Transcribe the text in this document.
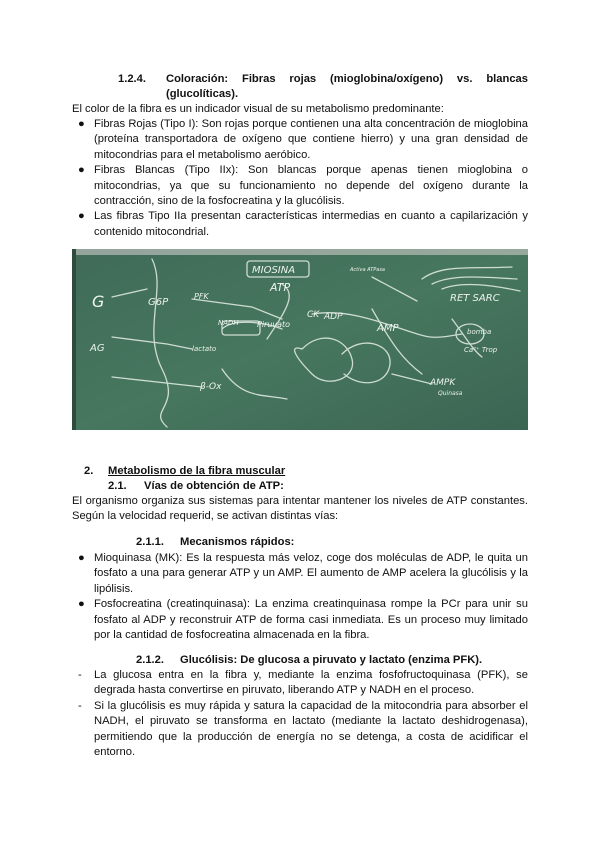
1.2.4. Coloración: Fibras rojas (mioglobina/oxígeno) vs. blancas
(glucolíticas).
El color de la fibra es un indicador visual de su metabolismo predominante:
● Fibras Rojas (Tipo I): Son rojas porque contienen una alta concentración de mioglobina (proteína transportadora de oxígeno que contiene hierro) y una gran densidad de mitocondrias para el metabolismo aeróbico.
● Fibras Blancas (Tipo IIx): Son blancas porque apenas tienen mioglobina o mitocondrias, ya que su funcionamiento no depende del oxígeno durante la contracción, sino de la fosfocreatina y la glucólisis.
● Las fibras Tipo IIa presentan características intermedias en cuanto a capilarización y contenido mitocondrial.
MIOSINA
ATP
Activa ATPasa
RET SARC
G6P
PFK
G
NADH Piruvato
CK ADP
AMP	bomba
Ca²⁺ Trop
lactato
AG
β-Ox	AMPK
Quinasa
2. Metabolismo de la fibra muscular
2.1. Vías de obtención de ATP:
El organismo organiza sus sistemas para intentar mantener los niveles de ATP constantes. Según la velocidad requerid, se activan distintas vías:
2.1.1. Mecanismos rápidos:
● Mioquinasa (MK): Es la respuesta más veloz, coge dos moléculas de ADP, le quita un fosfato a una para generar ATP y un AMP. El aumento de AMP acelera la glucólisis y la lipólisis.
● Fosfocreatina (creatinquinasa): La enzima creatinquinasa rompe la PCr para unir su fosfato al ADP y reconstruir ATP de forma casi inmediata. Es un proceso muy limitado por la cantidad de fosfocreatina almacenada en la fibra.
2.1.2. Glucólisis: De glucosa a piruvato y lactato (enzima PFK).
- La glucosa entra en la fibra y, mediante la enzima fosfofructoquinasa (PFK), se degrada hasta convertirse en piruvato, liberando ATP y NADH en el proceso.
- Si la glucólisis es muy rápida y satura la capacidad de la mitocondria para absorber el NADH, el piruvato se transforma en lactato (mediante la lactato deshidrogenasa), permitiendo que la producción de energía no se detenga, a costa de acidificar el entorno.
